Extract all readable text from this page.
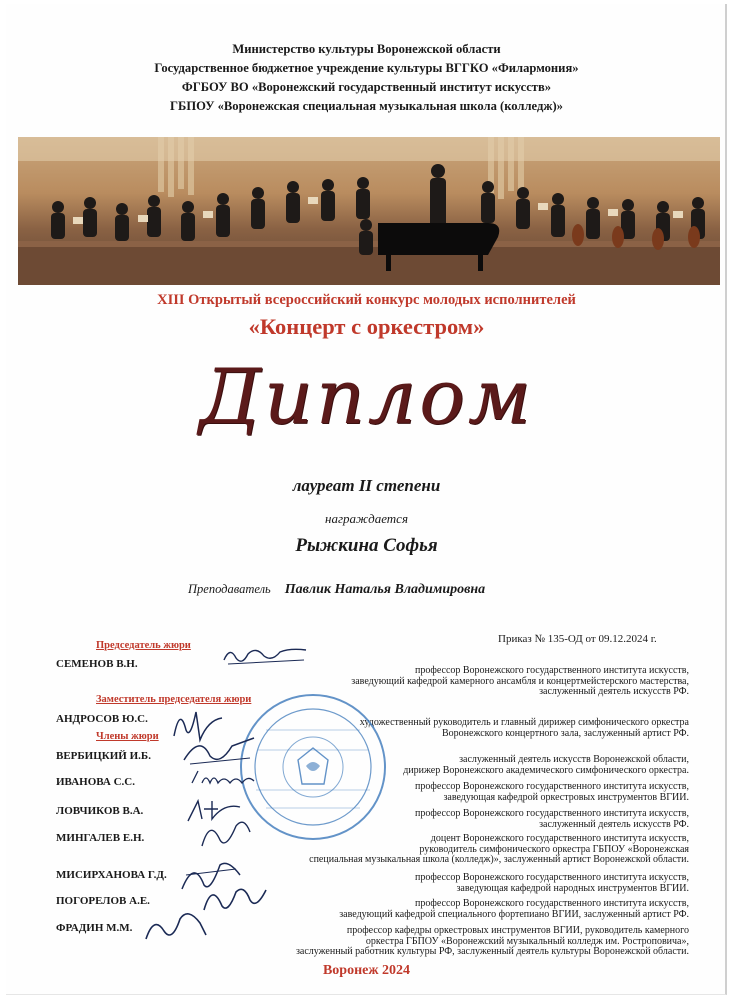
Министерство культуры Воронежской области

Государственное бюджетное учреждение культуры ВГГКО «Филармония»

ФГБОУ ВО «Воронежский государственный институт искусств»

ГБПОУ «Воронежская специальная музыкальная школа (колледж)»

XIII Открытый всероссийский конкурс молодых исполнителей

«Концерт с оркестром»

Диплом

лауреат II степени
награждается
Рыжкина Софья
Преподаватель Павлик Наталья Владимировна
Приказ № 135-ОД от 09.12.2024 г.
Председатель жюри
Заместитель председателя жюри
Члены жюри
СЕМЕНОВ В.Н.
АНДРОСОВ Ю.С.
ВЕРБИЦКИЙ И.Б.
ИВАНОВА С.С.
ЛОВЧИКОВ В.А.
МИНГАЛЕВ Е.Н.
МИСИРХАНОВА Г.Д.
ПОГОРЕЛОВ А.Е.
ФРАДИН М.М.
профессор Воронежского государственного института искусств,
заведующий кафедрой камерного ансамбля и концертмейстерского мастерства,
заслуженный деятель искусств РФ.
художественный руководитель и главный дирижер симфонического оркестра
Воронежского концертного зала, заслуженный артист РФ.
заслуженный деятель искусств Воронежской области,
дирижер Воронежского академического симфонического оркестра.
профессор Воронежского государственного института искусств,
заведующая кафедрой оркестровых инструментов ВГИИ.
профессор Воронежского государственного института искусств,
заслуженный деятель искусств РФ.
доцент Воронежского государственного института искусств,
руководитель симфонического оркестра ГБПОУ «Воронежская
специальная музыкальная школа (колледж)», заслуженный артист Воронежской области.
профессор Воронежского государственного института искусств,
заведующая кафедрой народных инструментов ВГИИ.
профессор Воронежского государственного института искусств,
заведующий кафедрой специального фортепиано ВГИИ, заслуженный артист РФ.
профессор кафедры оркестровых инструментов ВГИИ, руководитель камерного
оркестра ГБПОУ «Воронежский музыкальный колледж им. Ростроповича»,
заслуженный работник культуры РФ, заслуженный деятель культуры Воронежской области.
Воронеж 2024
